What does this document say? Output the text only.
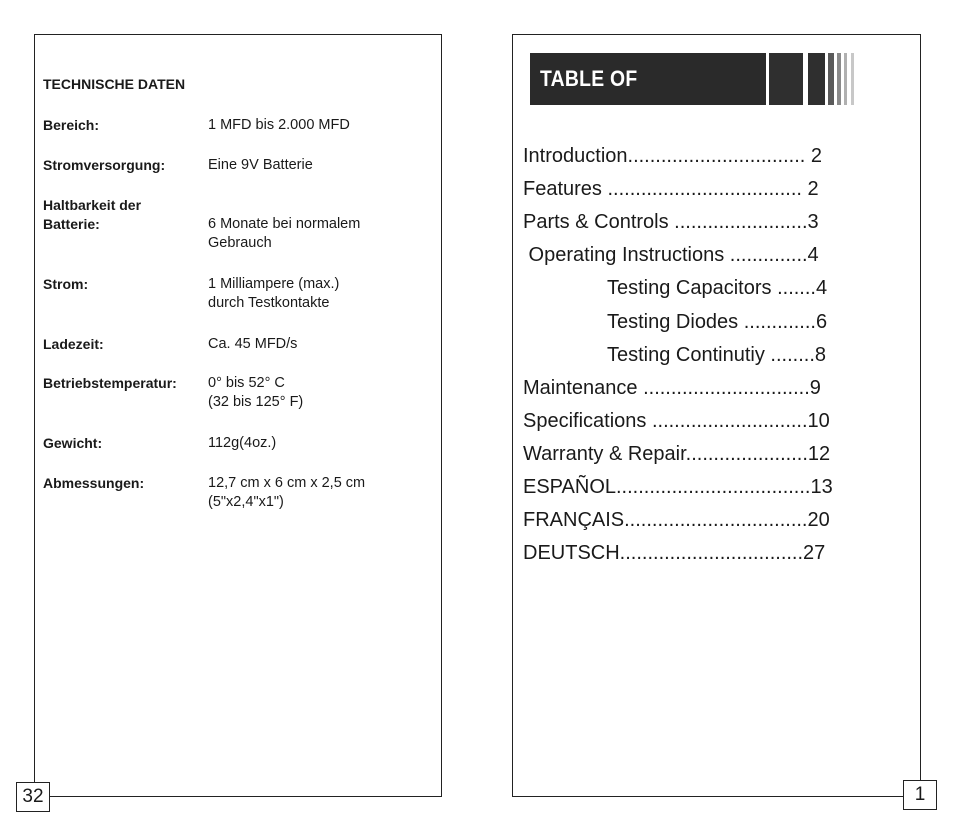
TECHNISCHE DATEN
Bereich:	1 MFD bis 2.000 MFD
Stromversorgung:	Eine 9V Batterie
Haltbarkeit der
Batterie:	
6 Monate bei normalem
Gebrauch
Strom:	1 Milliampere (max.)
durch Testkontakte
Ladezeit:	Ca. 45 MFD/s
Betriebstemperatur:	0° bis 52° C
(32 bis 125° F)
Gewicht:	112g(4oz.)
Abmessungen:	12,7 cm x 6 cm x 2,5 cm
(5"x2,4"x1")
TABLE OF CONTENTS
Introduction................................ 2
Features ................................... 2
Parts & Controls ........................3
Operating Instructions ..............4
Testing Capacitors .......4
Testing Diodes .............6
Testing Continutiy ........8
Maintenance ..............................9
Specifications ............................10
Warranty & Repair......................12
ESPAÑOL...................................13
FRANÇAIS.................................20
DEUTSCH.................................27
32	1
